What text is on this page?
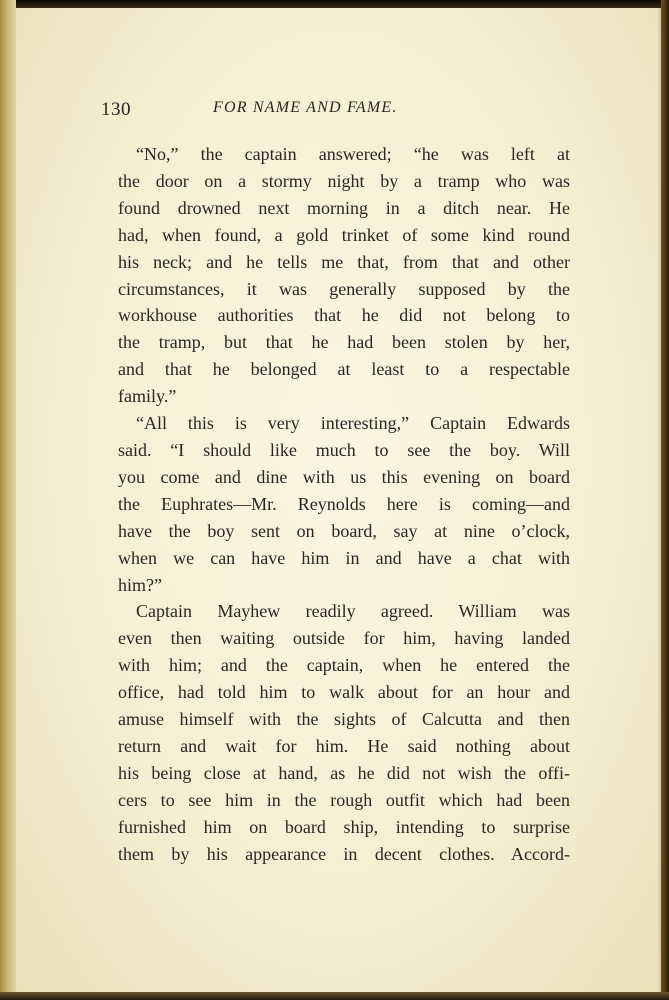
130	FOR NAME AND FAME.
“No,” the captain answered; “he was left at
the door on a stormy night by a tramp who was
found drowned next morning in a ditch near. He
had, when found, a gold trinket of some kind round
his neck; and he tells me that, from that and other
circumstances, it was generally supposed by the
workhouse authorities that he did not belong to
the tramp, but that he had been stolen by her,
and that he belonged at least to a respectable
family.”
“All this is very interesting,” Captain Edwards
said. “I should like much to see the boy. Will
you come and dine with us this evening on board
the Euphrates—Mr. Reynolds here is coming—and
have the boy sent on board, say at nine o’clock,
when we can have him in and have a chat with
him?”
Captain Mayhew readily agreed. William was
even then waiting outside for him, having landed
with him; and the captain, when he entered the
office, had told him to walk about for an hour and
amuse himself with the sights of Calcutta and then
return and wait for him. He said nothing about
his being close at hand, as he did not wish the offi-
cers to see him in the rough outfit which had been
furnished him on board ship, intending to surprise
them by his appearance in decent clothes. Accord-
